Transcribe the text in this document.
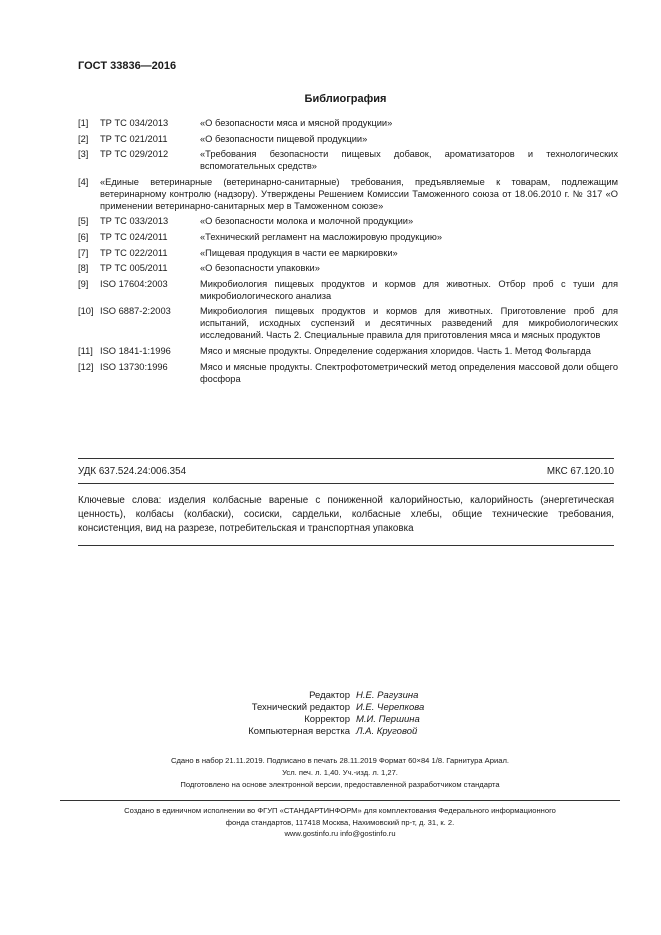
ГОСТ 33836—2016
Библиография
[1]	ТР ТС 034/2013	«О безопасности мяса и мясной продукции»
[2]	ТР ТС 021/2011	«О безопасности пищевой продукции»
[3]	ТР ТС 029/2012	«Требования безопасности пищевых добавок, ароматизаторов и технологических вспомогательных средств»
[4]	«Единые ветеринарные (ветеринарно-санитарные) требования, предъявляемые к товарам, подлежащим ветеринарному контролю (надзору). Утверждены Решением Комиссии Таможенного союза от 18.06.2010 г. № 317 «О применении ветеринарно-санитарных мер в Таможенном союзе»
[5]	ТР ТС 033/2013	«О безопасности молока и молочной продукции»
[6]	ТР ТС 024/2011	«Технический регламент на масложировую продукцию»
[7]	ТР ТС 022/2011	«Пищевая продукция в части ее маркировки»
[8]	ТР ТС 005/2011	«О безопасности упаковки»
[9]	ISO 17604:2003	Микробиология пищевых продуктов и кормов для животных. Отбор проб с туши для микробиологического анализа
[10] ISO 6887-2:2003	Микробиология пищевых продуктов и кормов для животных. Приготовление проб для испытаний, исходных суспензий и десятичных разведений для микробиологических исследований. Часть 2. Специальные правила для приготовления мяса и мясных продуктов
[11] ISO 1841-1:1996	Мясо и мясные продукты. Определение содержания хлоридов. Часть 1. Метод Фольгарда
[12] ISO 13730:1996	Мясо и мясные продукты. Спектрофотометрический метод определения массовой доли общего фосфора
УДК 637.524.24:006.354	МКС 67.120.10
Ключевые слова: изделия колбасные вареные с пониженной калорийностью, калорийность (энергетическая ценность), колбасы (колбаски), сосиски, сардельки, колбасные хлебы, общие технические требования, консистенция, вид на разрезе, потребительская и транспортная упаковка
Редактор Н.Е. Рагузина
Технический редактор И.Е. Черепкова
Корректор М.И. Першина
Компьютерная верстка Л.А. Круговой
Сдано в набор 21.11.2019. Подписано в печать 28.11.2019 Формат 60×84 1/8. Гарнитура Ариал.
Усл. печ. л. 1,40. Уч.-изд. л. 1,27.
Подготовлено на основе электронной версии, предоставленной разработчиком стандарта
Создано в единичном исполнении во ФГУП «СТАНДАРТИНФОРМ» для комплектования Федерального информационного
фонда стандартов, 117418 Москва, Нахимовский пр-т, д. 31, к. 2.
www.gostinfo.ru info@gostinfo.ru
